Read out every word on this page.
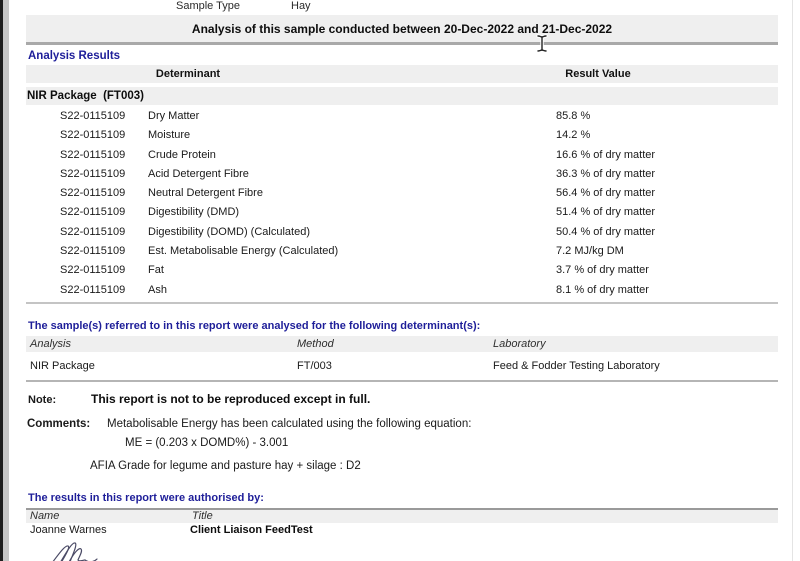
Sample Type	Hay
Analysis of this sample conducted between 20-Dec-2022 and 21-Dec-2022
Analysis Results
Determinant	Result Value
NIR Package  (FT003)
S22-0115109 Dry Matter	85.8 %
S22-0115109 Moisture	14.2 %
S22-0115109 Crude Protein	16.6 % of dry matter
S22-0115109 Acid Detergent Fibre	36.3 % of dry matter
S22-0115109 Neutral Detergent Fibre	56.4 % of dry matter
S22-0115109 Digestibility (DMD)	51.4 % of dry matter
S22-0115109 Digestibility (DOMD) (Calculated)	50.4 % of dry matter
S22-0115109 Est. Metabolisable Energy (Calculated)	7.2 MJ/kg DM
S22-0115109 Fat	3.7 % of dry matter
S22-0115109 Ash	8.1 % of dry matter
The sample(s) referred to in this report were analysed for the following determinant(s):
Analysis	Method	Laboratory
NIR Package	FT/003	Feed & Fodder Testing Laboratory
Note:	This report is not to be reproduced except in full.
Comments: Metabolisable Energy has been calculated using the following equation:
ME = (0.203 x DOMD%) - 3.001
AFIA Grade for legume and pasture hay + silage : D2
The results in this report were authorised by:
Name	Title
Joanne Warnes	Client Liaison FeedTest
